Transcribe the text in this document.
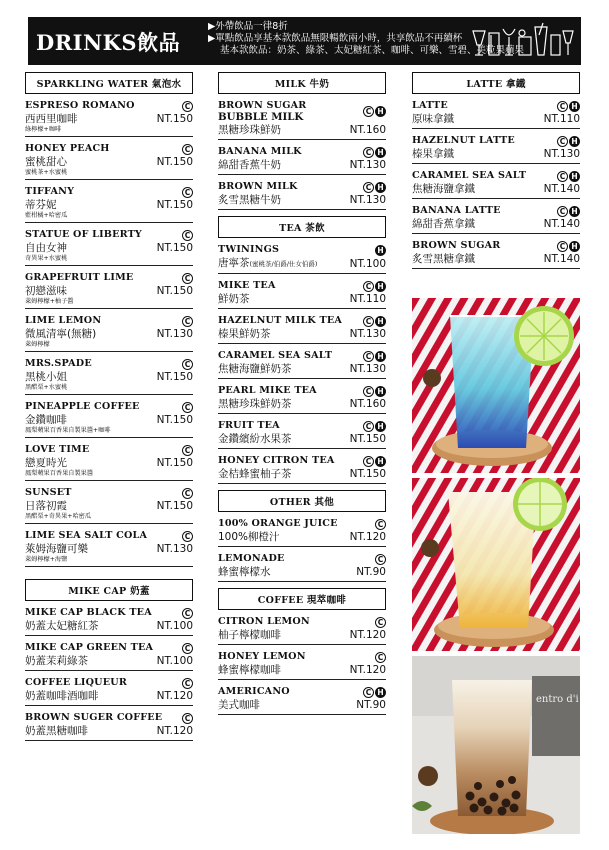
DRINKS飲品
▶外帶飲品一律8折
▶單點飲品享基本款飲品無限暢飲兩小時，共享飲品不再續杯

基本款飲品：奶茶、綠茶、太妃糖紅茶、咖啡、可樂、雪碧、美粒果蘋果
SPARKLING WATER 氣泡水
ESPRESO ROMANO	C
西西里咖啡	NT.150
綠檸檬+咖啡
HONEY PEACH	C
蜜桃甜心	NT.150
蜜桃茶+水蜜桃
TIFFANY	C
蒂芬妮	NT.150
藍柑橘+哈密瓜
STATUE OF LIBERTY	C
自由女神	NT.150
奇異果+水蜜桃
GRAPEFRUIT LIME	C
初戀滋味	NT.150
萊姆檸檬+柚子醬
LIME LEMON	C
微風清寧(無糖)	NT.130
萊姆檸檬
MRS.SPADE	C
黑桃小姐	NT.150
黑醋栗+水蜜桃
PINEAPPLE COFFEE	C
金鑽咖啡	NT.150
鳳梨蘋果百香果自製果醬+咖啡
LOVE TIME	C
戀夏時光	NT.150
鳳梨蘋果百香果自製果醬
SUNSET	C
日落初霞	NT.150
黑醋栗+奇異果+哈密瓜
LIME SEA SALT COLA	C
萊姆海鹽可樂	NT.130
萊姆檸檬+海鹽
MIKE CAP 奶蓋
MIKE CAP BLACK TEA	C
奶蓋太妃糖紅茶	NT.100
MIKE CAP GREEN TEA	C
奶蓋茉莉綠茶	NT.100
COFFEE LIQUEUR	C
奶蓋咖啡酒咖啡	NT.120
BROWN SUGER COFFEE	C
奶蓋黑糖咖啡	NT.120
MILK 牛奶
BROWN SUGAR
BUBBLE MILK	C H
黑糖珍珠鮮奶	NT.160
BANANA MILK	C H
綿甜香蕉牛奶	NT.130
BROWN MILK	C H
炙雪黑糖牛奶	NT.130
TEA 茶飲
TWININGS	H
唐寧茶(蜜桃茶/伯爵/仕女伯爵)	NT.100
MIKE TEA	C H
鮮奶茶	NT.110
HAZELNUT MILK TEA	C H
榛果鮮奶茶	NT.130
CARAMEL SEA SALT	C H
焦糖海鹽鮮奶茶	NT.130
PEARL MIKE TEA	C H
黑糖珍珠鮮奶茶	NT.160
FRUIT TEA	C H
金鑽繽紛水果茶	NT.150
HONEY CITRON TEA	C H
金桔蜂蜜柚子茶	NT.150
OTHER 其他
100% ORANGE JUICE	C
100%柳橙汁	NT.120
LEMONADE	C
蜂蜜檸檬水	NT.90
COFFEE 現萃咖啡
CITRON LEMON	C
柚子檸檬咖啡	NT.120
HONEY LEMON	C
蜂蜜檸檬咖啡	NT.120
AMERICANO	C H
美式咖啡	NT.90
LATTE 拿鐵
LATTE	C H
原味拿鐵	NT.110
HAZELNUT LATTE	C H
榛果拿鐵	NT.130
CARAMEL SEA SALT	C H
焦糖海鹽拿鐵	NT.140
BANANA LATTE	C H
綿甜香蕉拿鐵	NT.140
BROWN SUGAR	C H
炙雪黑糖拿鐵	NT.140
entro d'i
